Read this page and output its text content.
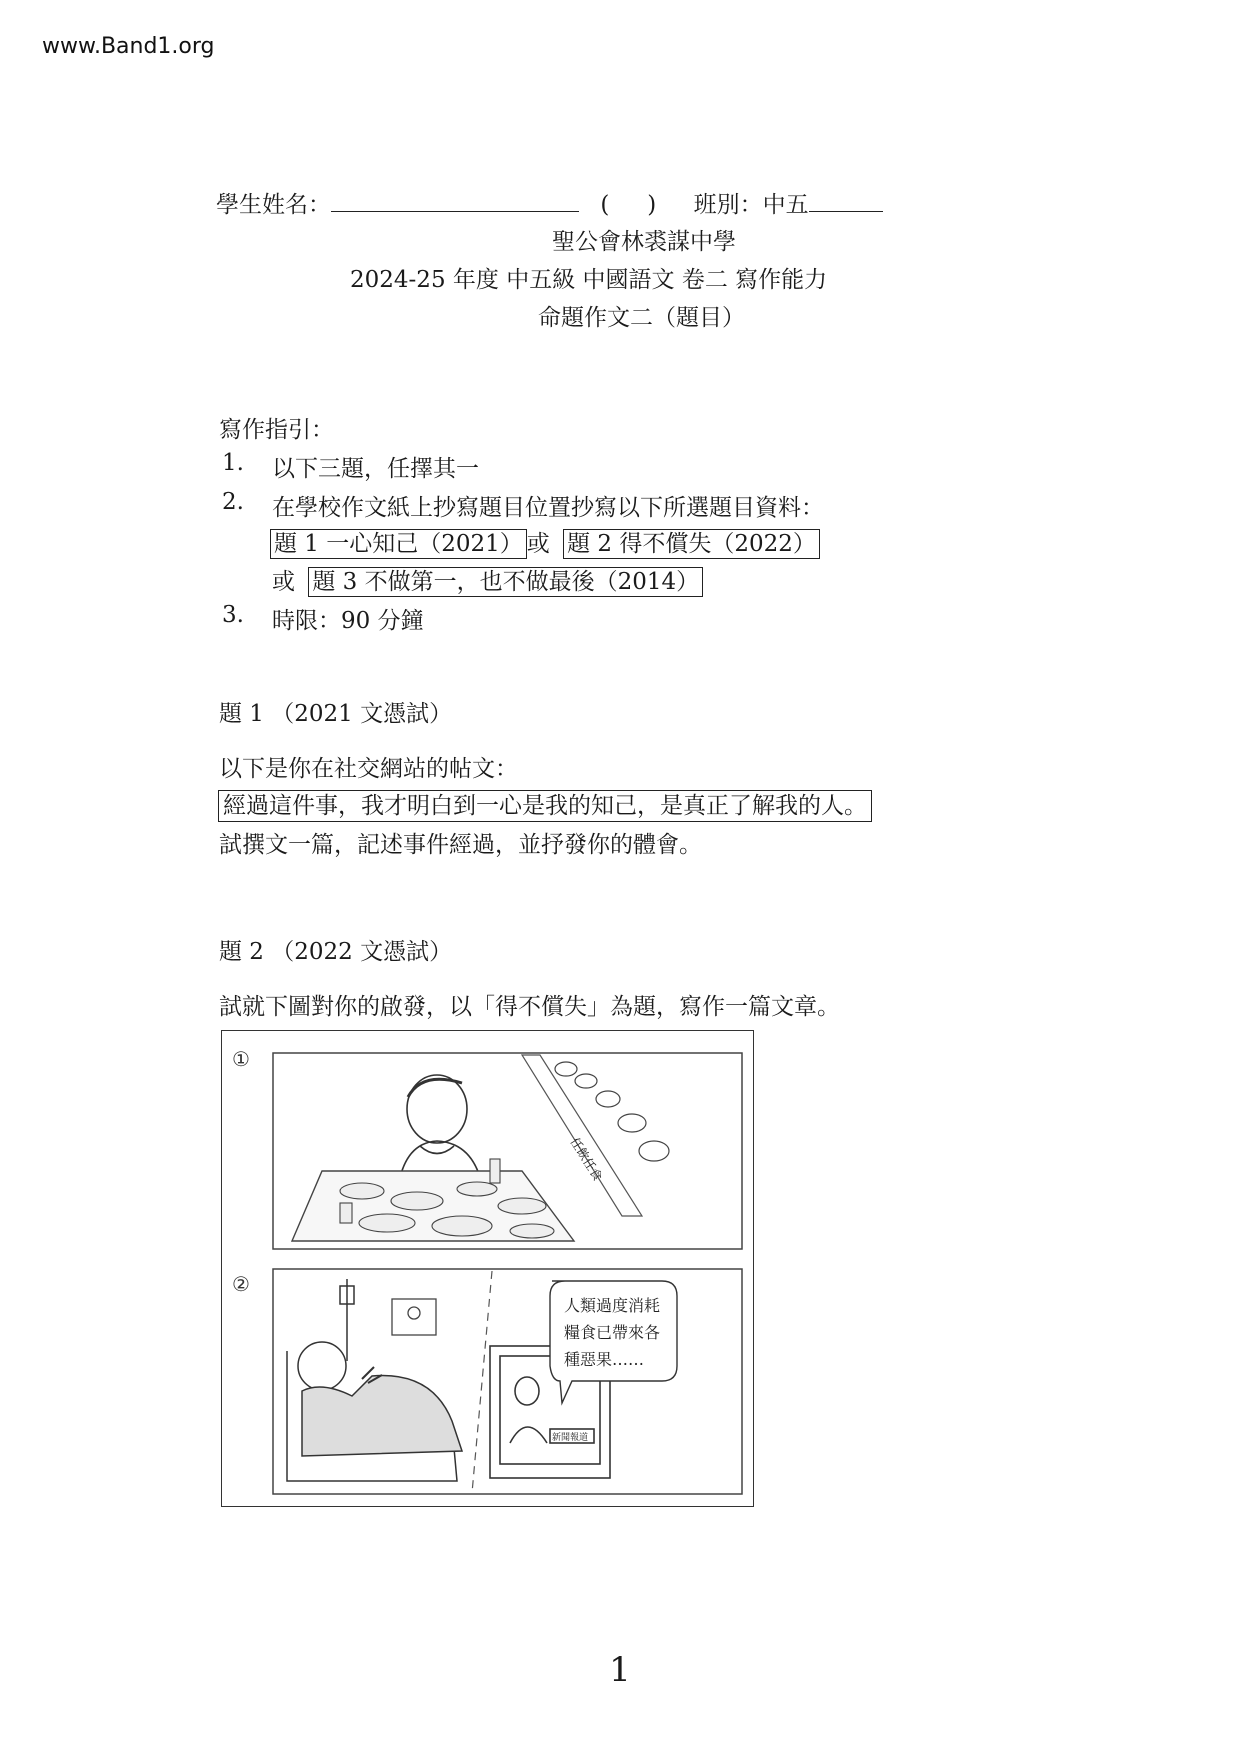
www.Band1.org
學生姓名：	( ) 班別：中五
聖公會林裘謀中學
2024-25 年度 中五級 中國語文 卷二 寫作能力
命題作文二（題目）
寫作指引：
1. 以下三題，任擇其一
2. 在學校作文紙上抄寫題目位置抄寫以下所選題目資料：
題 1 一心知己（2021） 或 題 2 得不償失（2022）
或 題 3 不做第一，也不做最後（2014）
3. 時限：90 分鐘
題 1 （2021 文憑試）
以下是你在社交網站的帖文：
經過這件事，我才明白到一心是我的知己，是真正了解我的人。
試撰文一篇，記述事件經過，並抒發你的體會。
題 2 （2022 文憑試）
試就下圖對你的啟發，以「得不償失」為題，寫作一篇文章。
①
任飲任食
②
新聞報道
人類過度消耗
糧食已帶來各
種惡果……
1
